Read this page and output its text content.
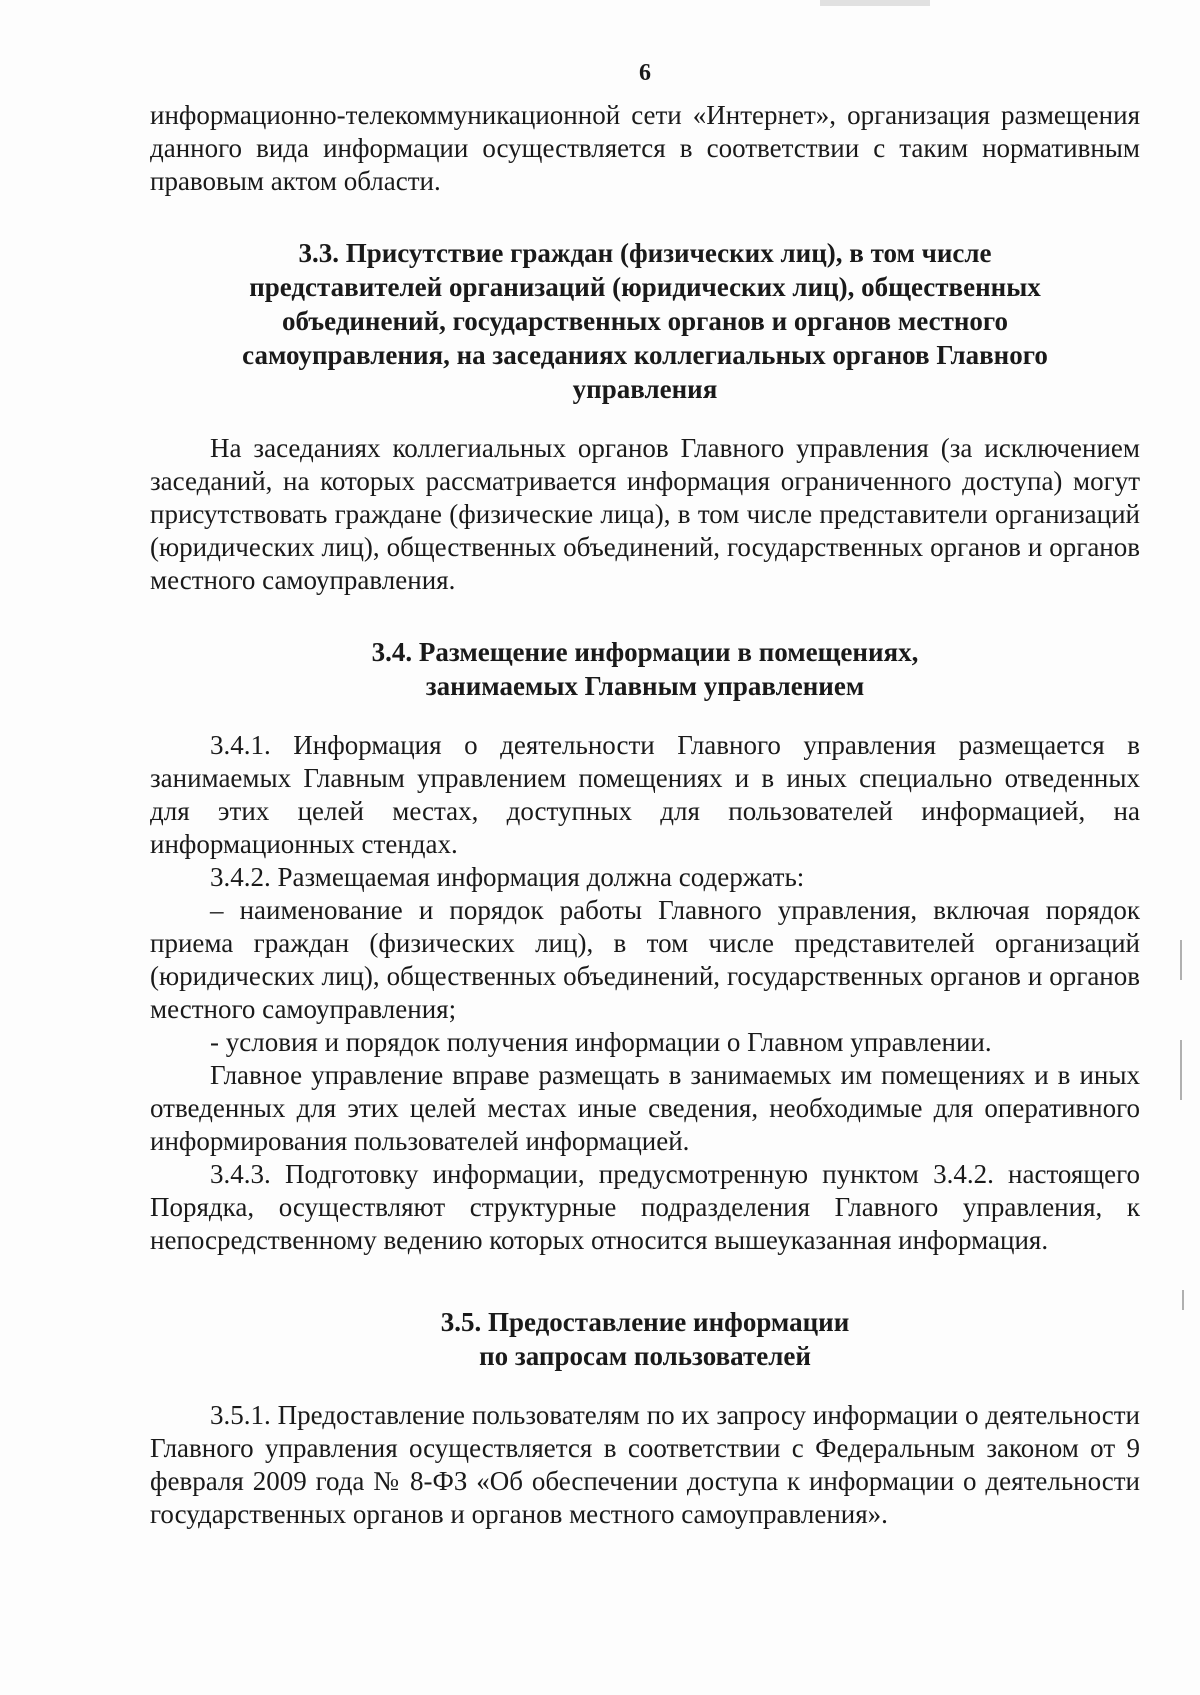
6

информационно-телекоммуникационной сети «Интернет», организация размещения данного вида информации осуществляется в соответствии с таким нормативным правовым актом области.

3.3. Присутствие граждан (физических лиц), в том числе представителей организаций (юридических лиц), общественных объединений, государственных органов и органов местного самоуправления, на заседаниях коллегиальных органов Главного управления

На заседаниях коллегиальных органов Главного управления (за исключением заседаний, на которых рассматривается информация ограниченного доступа) могут присутствовать граждане (физические лица), в том числе представители организаций (юридических лиц), общественных объединений, государственных органов и органов местного самоуправления.

3.4. Размещение информации в помещениях,

занимаемых Главным управлением

3.4.1. Информация о деятельности Главного управления размещается в занимаемых Главным управлением помещениях и в иных специально отведенных для этих целей местах, доступных для пользователей информацией, на информационных стендах.

3.4.2. Размещаемая информация должна содержать:

– наименование и порядок работы Главного управления, включая порядок приема граждан (физических лиц), в том числе представителей организаций (юридических лиц), общественных объединений, государственных органов и органов местного самоуправления;

- условия и порядок получения информации о Главном управлении.

Главное управление вправе размещать в занимаемых им помещениях и в иных отведенных для этих целей местах иные сведения, необходимые для оперативного информирования пользователей информацией.

3.4.3. Подготовку информации, предусмотренную пунктом 3.4.2. настоящего Порядка, осуществляют структурные подразделения Главного управления, к непосредственному ведению которых относится вышеуказанная информация.

3.5. Предоставление информации

по запросам пользователей

3.5.1. Предоставление пользователям по их запросу информации о деятельности Главного управления осуществляется в соответствии с Федеральным законом от 9 февраля 2009 года № 8-ФЗ «Об обеспечении доступа к информации о деятельности государственных органов и органов местного самоуправления».
